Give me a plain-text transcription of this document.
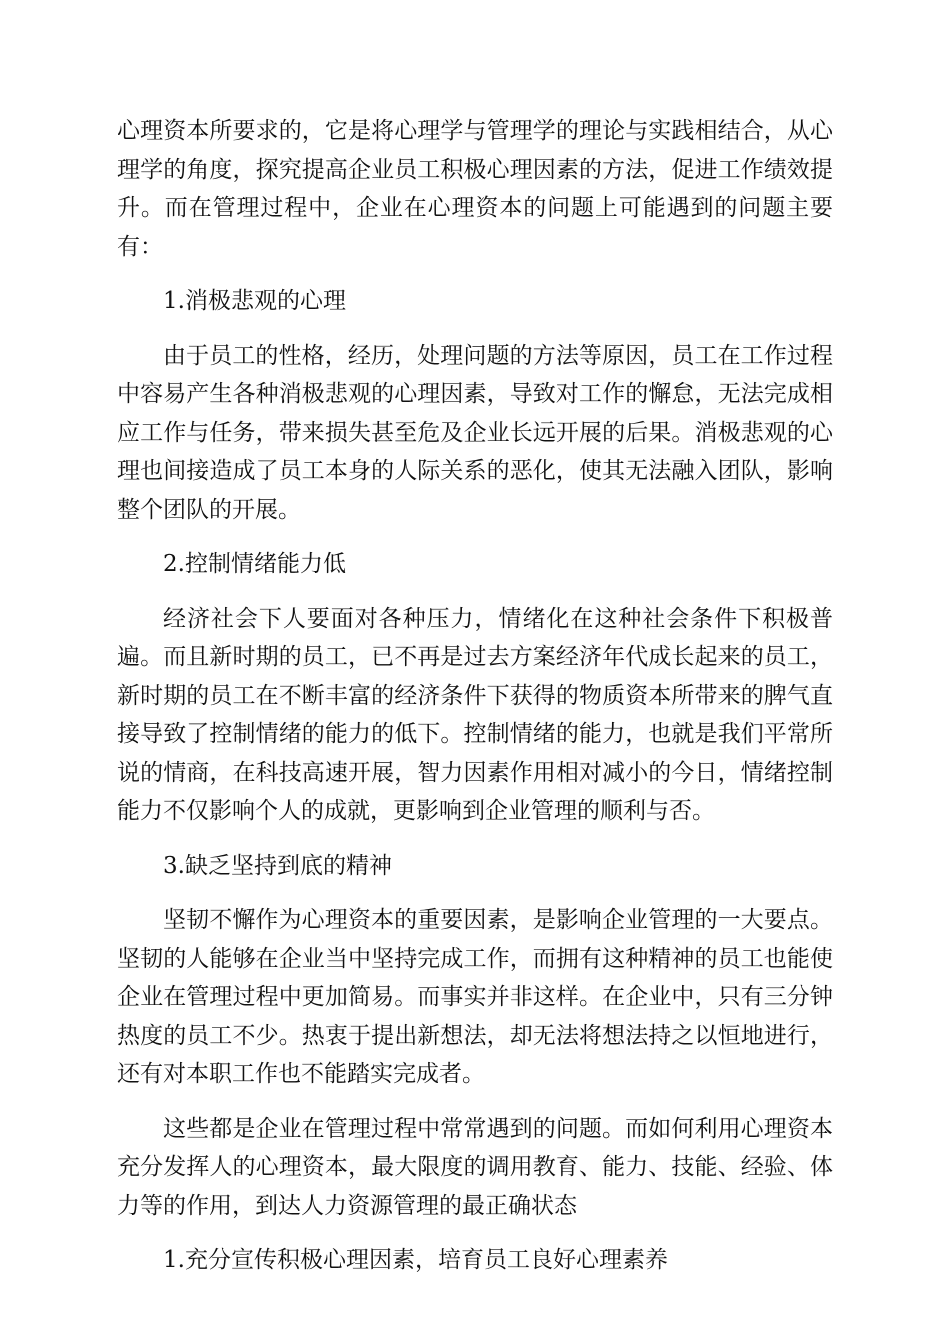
心理资本所要求的，它是将心理学与管理学的理论与实践相结合，从心理学的角度，探究提高企业员工积极心理因素的方法，促进工作绩效提升。而在管理过程中，企业在心理资本的问题上可能遇到的问题主要有：

1.消极悲观的心理

由于员工的性格，经历，处理问题的方法等原因，员工在工作过程中容易产生各种消极悲观的心理因素，导致对工作的懈怠，无法完成相应工作与任务，带来损失甚至危及企业长远开展的后果。消极悲观的心理也间接造成了员工本身的人际关系的恶化，使其无法融入团队，影响整个团队的开展。

2.控制情绪能力低

经济社会下人要面对各种压力，情绪化在这种社会条件下积极普遍。而且新时期的员工，已不再是过去方案经济年代成长起来的员工，新时期的员工在不断丰富的经济条件下获得的物质资本所带来的脾气直接导致了控制情绪的能力的低下。控制情绪的能力，也就是我们平常所说的情商，在科技高速开展，智力因素作用相对减小的今日，情绪控制能力不仅影响个人的成就，更影响到企业管理的顺利与否。

3.缺乏坚持到底的精神

坚韧不懈作为心理资本的重要因素，是影响企业管理的一大要点。坚韧的人能够在企业当中坚持完成工作，而拥有这种精神的员工也能使企业在管理过程中更加简易。而事实并非这样。在企业中，只有三分钟热度的员工不少。热衷于提出新想法，却无法将想法持之以恒地进行，还有对本职工作也不能踏实完成者。

这些都是企业在管理过程中常常遇到的问题。而如何利用心理资本充分发挥人的心理资本，最大限度的调用教育、能力、技能、经验、体力等的作用，到达人力资源管理的最正确状态

1.充分宣传积极心理因素，培育员工良好心理素养
